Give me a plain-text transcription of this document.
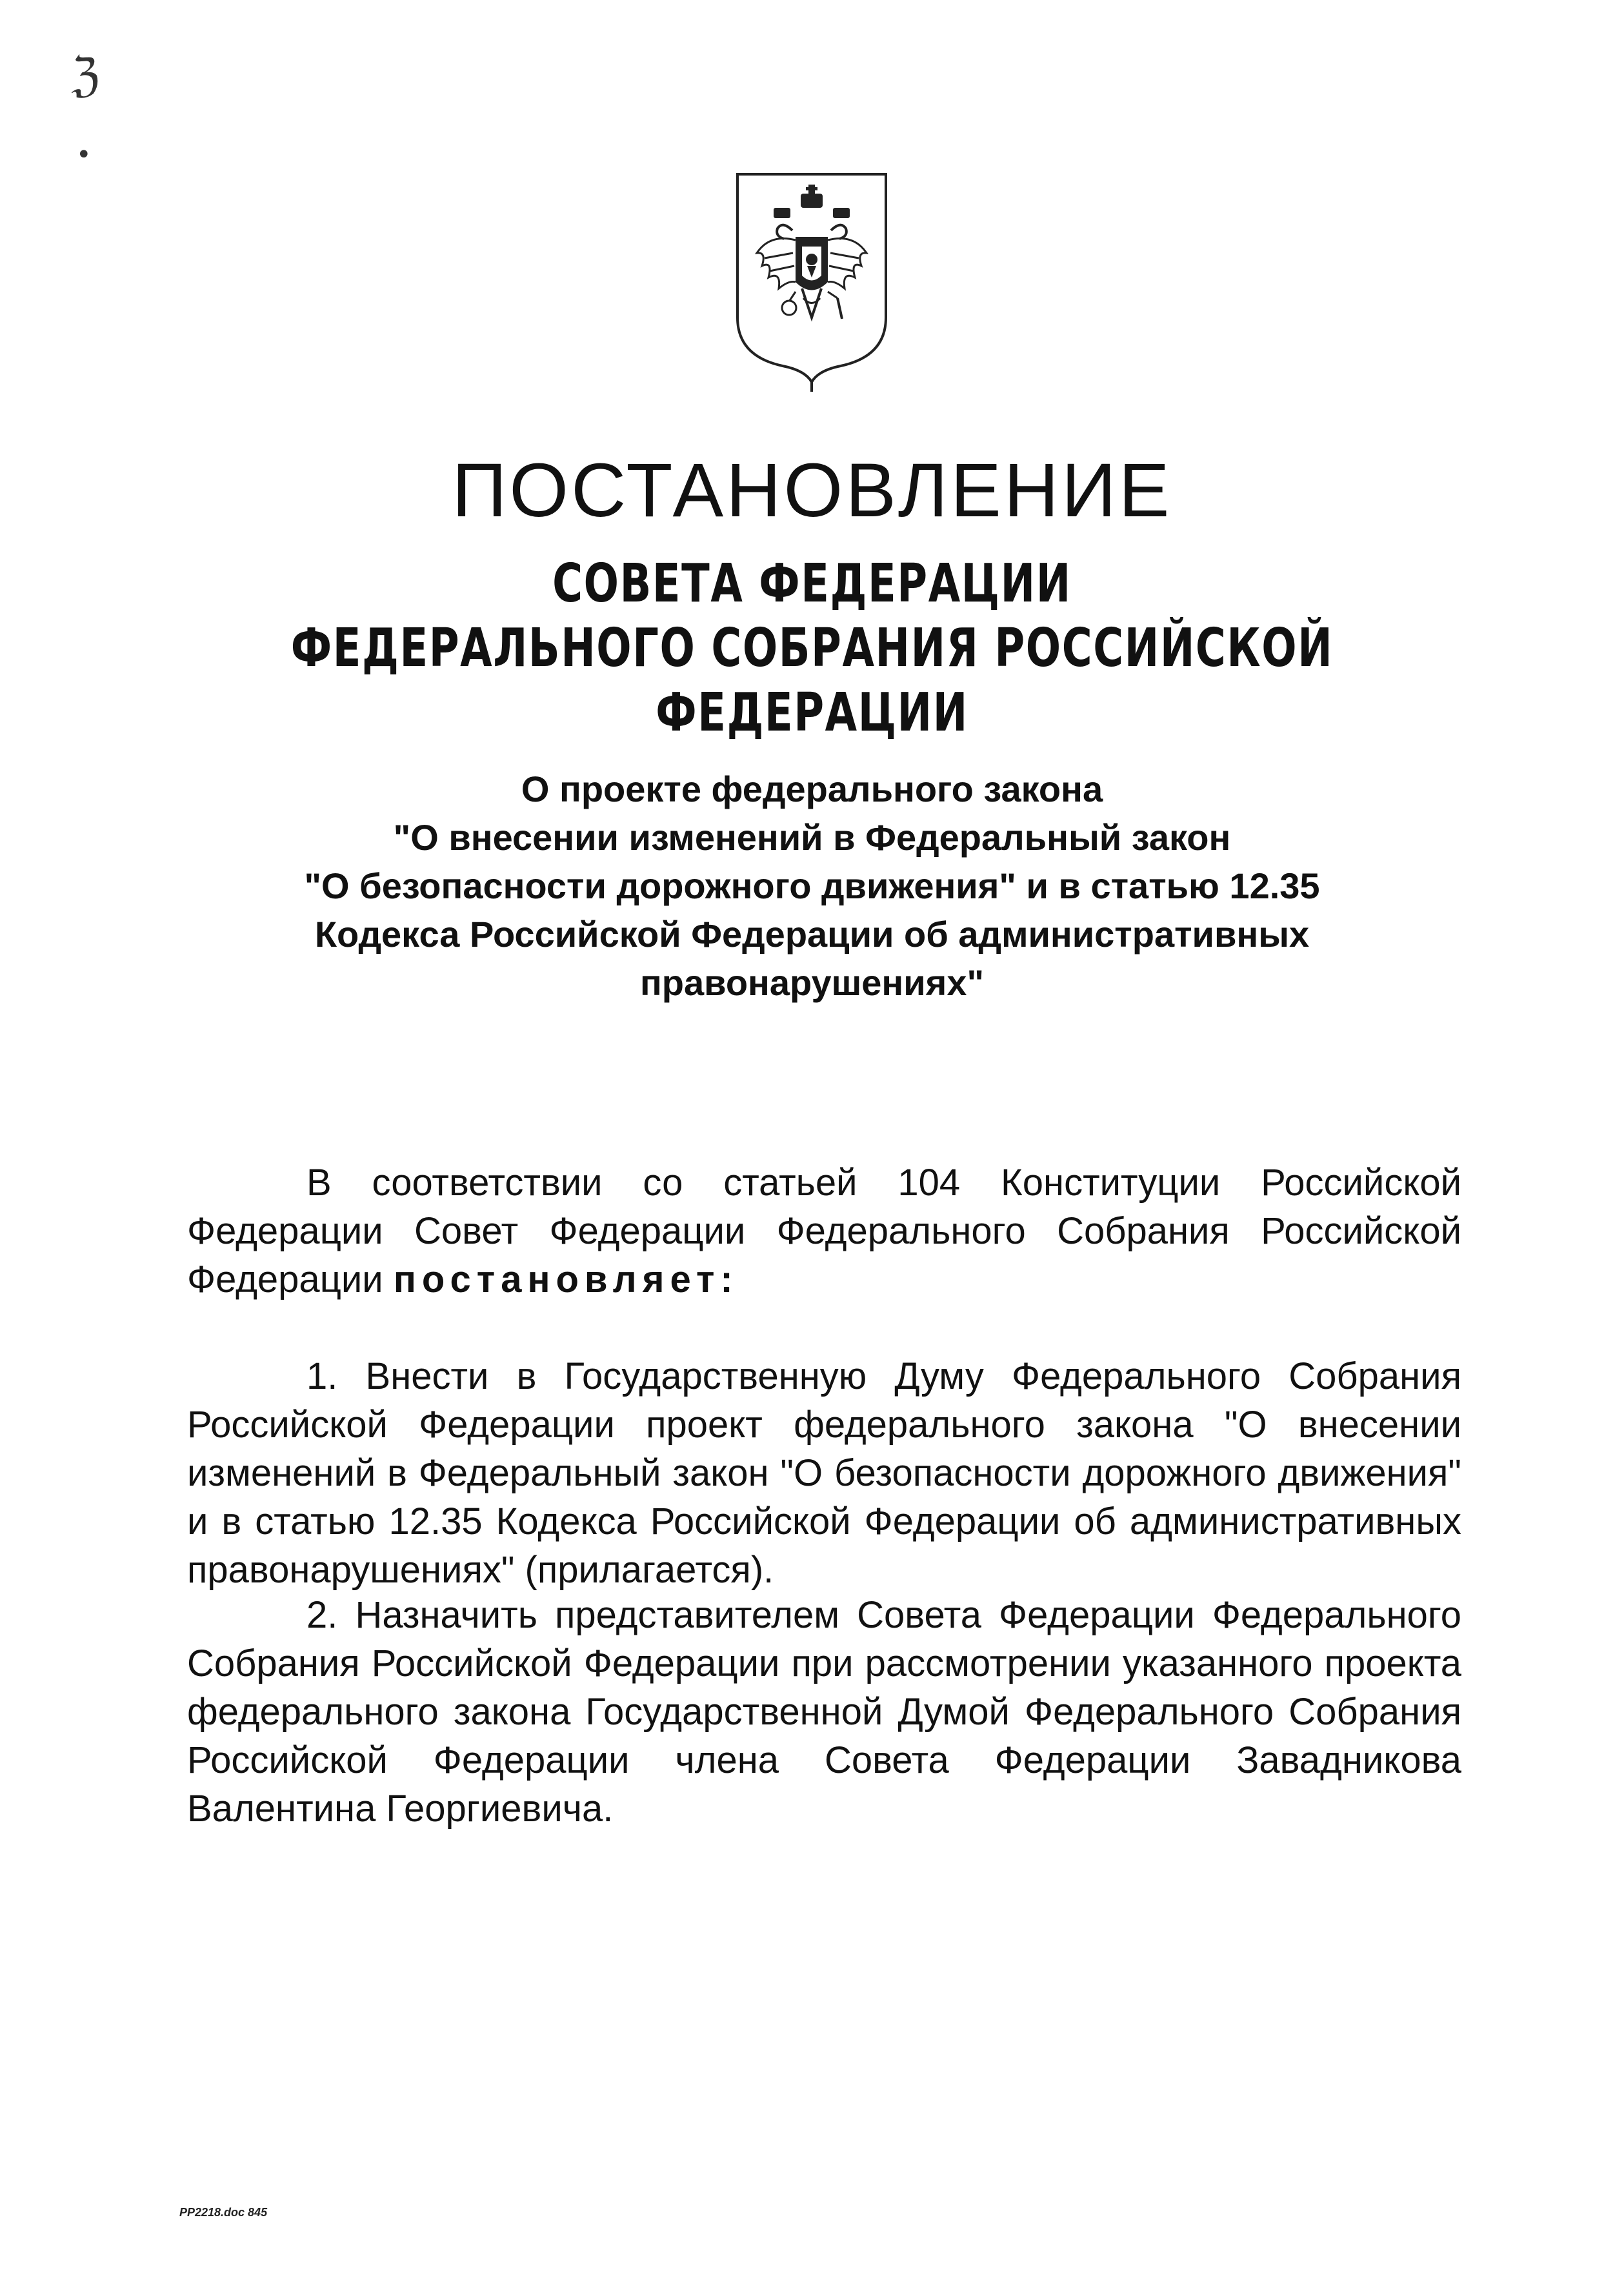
ℨ
•
ПОСТАНОВЛЕНИЕ
СОВЕТА ФЕДЕРАЦИИ
ФЕДЕРАЛЬНОГО СОБРАНИЯ РОССИЙСКОЙ ФЕДЕРАЦИИ
О проекте федерального закона
"О внесении изменений в Федеральный закон
"О безопасности дорожного движения" и в статью 12.35
Кодекса Российской Федерации об административных
правонарушениях"

В соответствии со статьей 104 Конституции Российской Федерации Совет Федерации Федерального Собрания Российской Федерации постановляет:

1. Внести в Государственную Думу Федерального Собрания Российской Федерации проект федерального закона "О внесении изменений в Федеральный закон "О безопасности дорожного движения" и в статью 12.35 Кодекса Российской Федерации об административных правонарушениях" (прилагается).

2. Назначить представителем Совета Федерации Федерального Собрания Российской Федерации при рассмотрении указанного проекта федерального закона Государственной Думой Федерального Собрания Российской Федерации члена Совета Федерации Завадникова Валентина Георгиевича.

PP2218.doc 845
